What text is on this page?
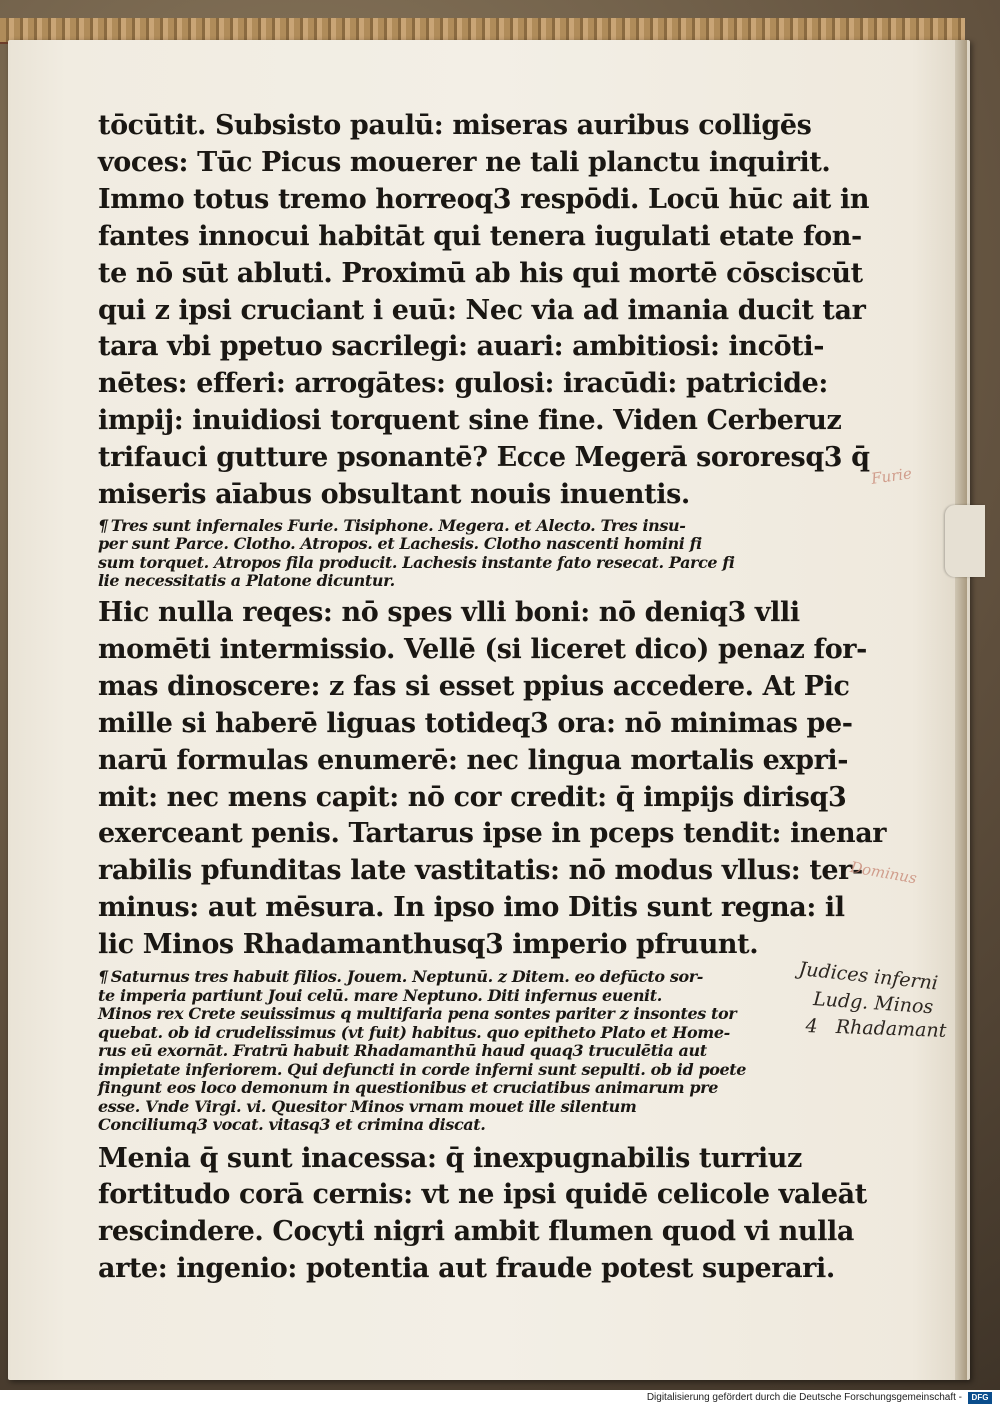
tōcūtit. Subsisto paulū: miseras auribus colligēs
voces: Tūc Picus mouerer ne tali planctu inquirit.
Immo totus tremo horreoq3 respōdi. Locū hūc ait in
fantes innocui habitāt qui tenera iugulati etate fon-
te nō sūt abluti. Proximū ab his qui mortē cōsciscūt
qui z ipsi cruciant i euū: Nec via ad imania ducit tar
tara vbi ppetuo sacrilegi: auari: ambitiosi: incōti-
nētes: efferi: arrogātes: gulosi: iracūdi: patricide:
impij: inuidiosi torquent sine fine. Viden Cerberuz
trifauci gutture psonantē? Ecce Megerā sororesq3 q̄
miseris aīabus obsultant nouis inuentis.
¶ Tres sunt infernales Furie. Tisiphone. Megera. et Alecto. Tres insu-
per sunt Parce. Clotho. Atropos. et Lachesis. Clotho nascenti homini fi
sum torquet. Atropos fila producit. Lachesis instante fato resecat. Parce fi
lie necessitatis a Platone dicuntur.
Hic nulla reqes: nō spes vlli boni: nō deniq3 vlli
momēti intermissio. Vellē (si liceret dico) penaz for-
mas dinoscere: z fas si esset ppius accedere. At Pic
mille si haberē liguas totideq3 ora: nō minimas pe-
narū formulas enumerē: nec lingua mortalis expri-
mit: nec mens capit: nō cor credit: q̄ impijs dirisq3
exerceant penis. Tartarus ipse in pceps tendit: inenar
rabilis pfunditas late vastitatis: nō modus vllus: ter-
minus: aut mēsura. In ipso imo Ditis sunt regna: il
lic Minos Rhadamanthusq3 imperio pfruunt.
¶ Saturnus tres habuit filios. Jouem. Neptunū. z Ditem. eo defūcto sor-
te imperia partiunt Joui celū. mare Neptuno. Diti infernus euenit.
Minos rex Crete seuissimus q multifaria pena sontes pariter z insontes tor
quebat. ob id crudelissimus (vt fuit) habitus. quo epitheto Plato et Home-
rus eū exornāt. Fratrū habuit Rhadamanthū haud quaq3 truculētia aut
impietate inferiorem. Qui defuncti in corde inferni sunt sepulti. ob id poete
fingunt eos loco demonum in questionibus et cruciatibus animarum pre
esse. Vnde Virgi. vi. Quesitor Minos vrnam mouet ille silentum
Conciliumq3 vocat. vitasq3 et crimina discat.
Menia q̄ sunt inacessa: q̄ inexpugnabilis turriuz
fortitudo corā cernis: vt ne ipsi quidē celicole valeāt
rescindere. Cocyti nigri ambit flumen quod vi nulla
arte: ingenio: potentia aut fraude potest superari.
Furie
Dominus
Judices inferni
Ludg. Minos
4   Rhadamant
Digitalisierung gefördert durch die Deutsche Forschungsgemeinschaft -	DFG
